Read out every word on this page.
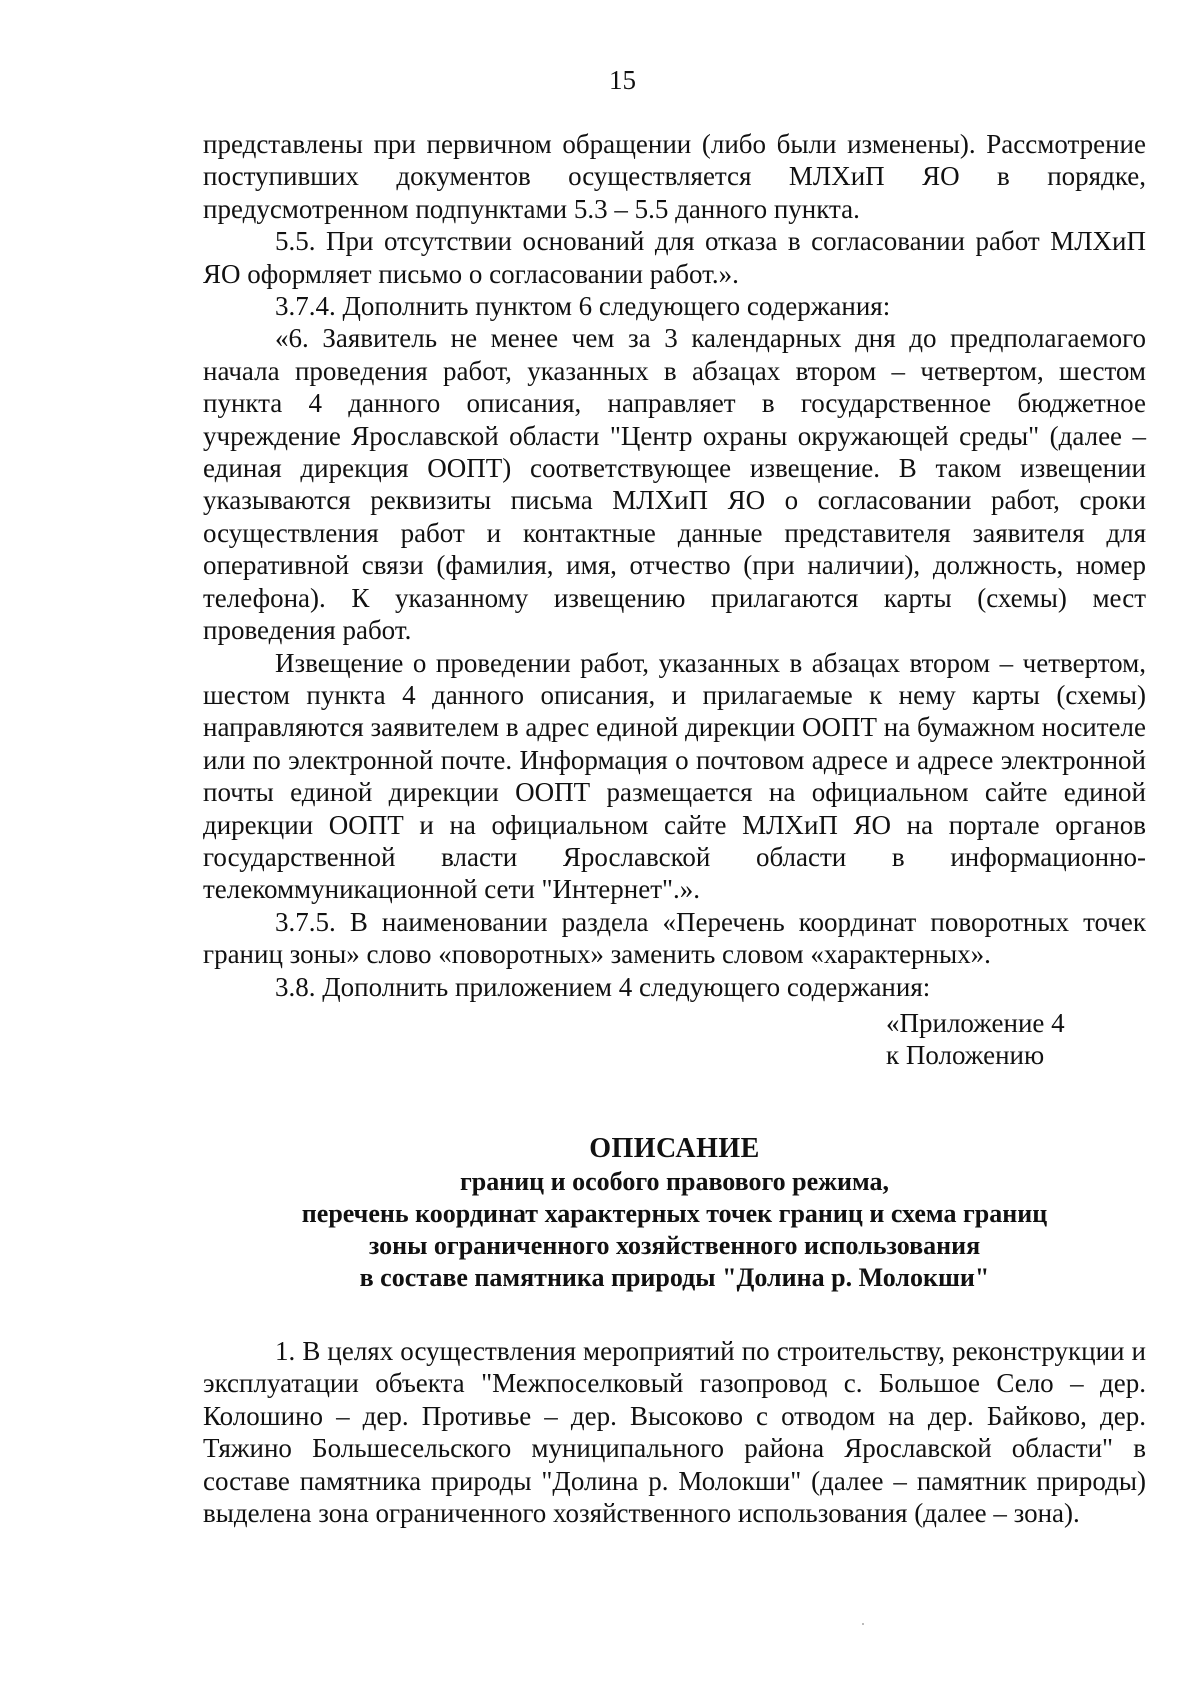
15

представлены при первичном обращении (либо были изменены). Рассмотрение поступивших документов осуществляется МЛХиП ЯО в порядке, предусмотренном подпунктами 5.3 – 5.5 данного пункта.

5.5. При отсутствии оснований для отказа в согласовании работ МЛХиП ЯО оформляет письмо о согласовании работ.».

3.7.4. Дополнить пунктом 6 следующего содержания:

«6. Заявитель не менее чем за 3 календарных дня до предполагаемого начала проведения работ, указанных в абзацах втором – четвертом, шестом пункта 4 данного описания, направляет в государственное бюджетное учреждение Ярославской области "Центр охраны окружающей среды" (далее – единая дирекция ООПТ) соответствующее извещение. В таком извещении указываются реквизиты письма МЛХиП ЯО о согласовании работ, сроки осуществления работ и контактные данные представителя заявителя для оперативной связи (фамилия, имя, отчество (при наличии), должность, номер телефона). К указанному извещению прилагаются карты (схемы) мест проведения работ.

Извещение о проведении работ, указанных в абзацах втором – четвертом, шестом пункта 4 данного описания, и прилагаемые к нему карты (схемы) направляются заявителем в адрес единой дирекции ООПТ на бумажном носителе или по электронной почте. Информация о почтовом адресе и адресе электронной почты единой дирекции ООПТ размещается на официальном сайте единой дирекции ООПТ и на официальном сайте МЛХиП ЯО на портале органов государственной власти Ярославской области в информационно-телекоммуникационной сети "Интернет".».

3.7.5. В наименовании раздела «Перечень координат поворотных точек границ зоны» слово «поворотных» заменить словом «характерных».

3.8. Дополнить приложением 4 следующего содержания:

«Приложение 4
к Положению
ОПИСАНИЕ
границ и особого правового режима,
перечень координат характерных точек границ и схема границ
зоны ограниченного хозяйственного использования
в составе памятника природы "Долина р. Молокши"

1. В целях осуществления мероприятий по строительству, реконструкции и эксплуатации объекта "Межпоселковый газопровод с. Большое Село – дер. Колошино – дер. Противье – дер. Высоково с отводом на дер. Байково, дер. Тяжино Большесельского муниципального района Ярославской области" в составе памятника природы "Долина р. Молокши" (далее – памятник природы) выделена зона ограниченного хозяйственного использования (далее – зона).
